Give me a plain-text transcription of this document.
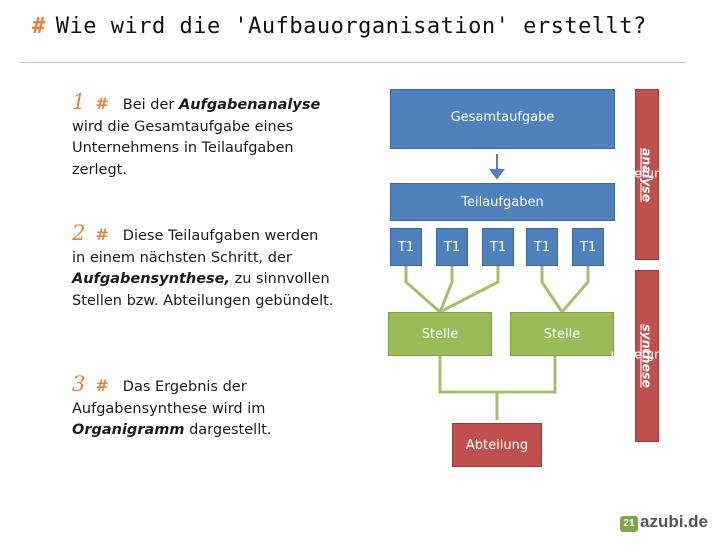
# Wie wird die 'Aufbauorganisation' erstellt?
1 # Bei der Aufgabenanalyse
wird die Gesamtaufgabe eines Unternehmens in Teilaufgaben zerlegt.
2 # Diese Teilaufgaben werden
in einem nächsten Schritt, der
Aufgabensynthese, zu sinnvollen Stellen bzw. Abteilungen gebündelt.
3 # Das Ergebnis der
Aufgabensynthese wird im
Organigramm dargestellt.
Gesamtaufgabe
Teilaufgaben
T1	T1	T1	T1	T1
Stelle	Stelle
Abteilung
1.Aufgaben
analyse
2.Aufgaben
synthese
21 azubi.de
